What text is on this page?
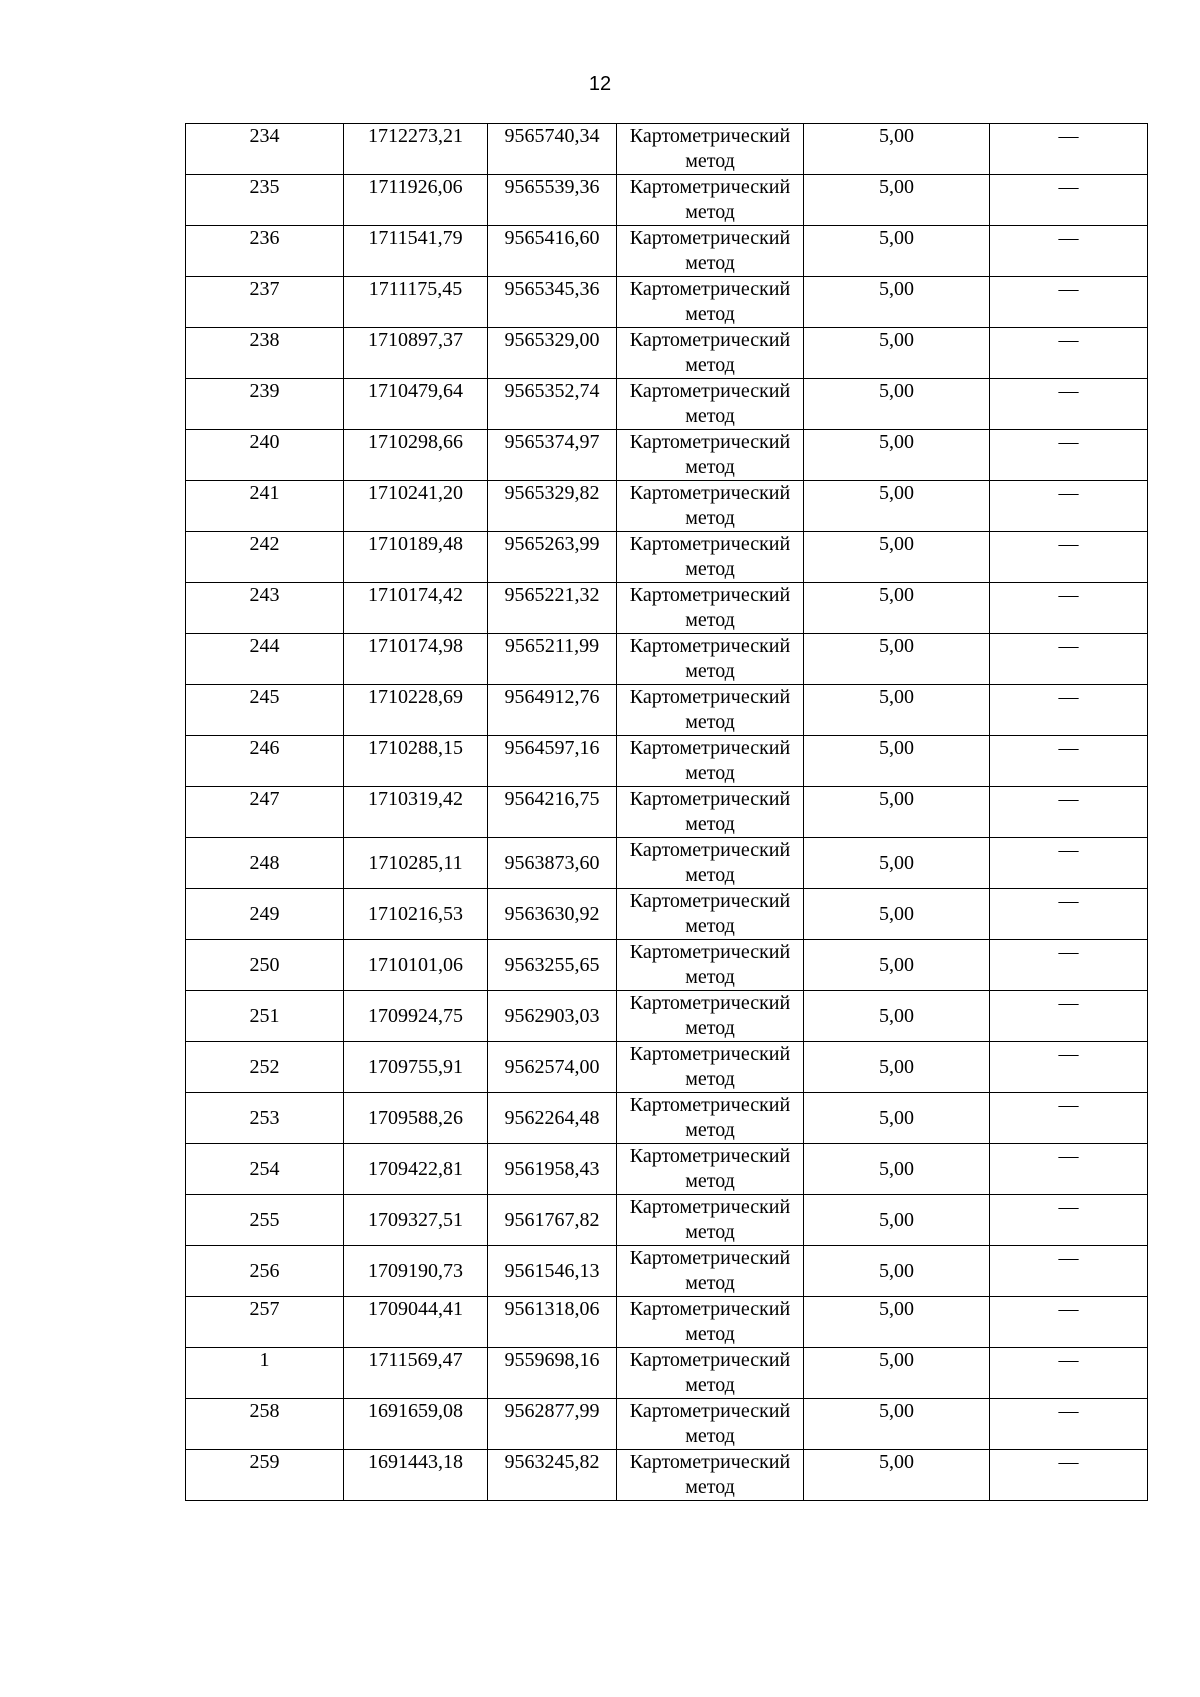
12
234	1712273,21	9565740,34	Картометрический метод	5,00	—
235	1711926,06	9565539,36	Картометрический метод	5,00	—
236	1711541,79	9565416,60	Картометрический метод	5,00	—
237	1711175,45	9565345,36	Картометрический метод	5,00	—
238	1710897,37	9565329,00	Картометрический метод	5,00	—
239	1710479,64	9565352,74	Картометрический метод	5,00	—
240	1710298,66	9565374,97	Картометрический метод	5,00	—
241	1710241,20	9565329,82	Картометрический метод	5,00	—
242	1710189,48	9565263,99	Картометрический метод	5,00	—
243	1710174,42	9565221,32	Картометрический метод	5,00	—
244	1710174,98	9565211,99	Картометрический метод	5,00	—
245	1710228,69	9564912,76	Картометрический метод	5,00	—
246	1710288,15	9564597,16	Картометрический метод	5,00	—
247	1710319,42	9564216,75	Картометрический метод	5,00	—
248	1710285,11	9563873,60	Картометрический метод	5,00	—
249	1710216,53	9563630,92	Картометрический метод	5,00	—
250	1710101,06	9563255,65	Картометрический метод	5,00	—
251	1709924,75	9562903,03	Картометрический метод	5,00	—
252	1709755,91	9562574,00	Картометрический метод	5,00	—
253	1709588,26	9562264,48	Картометрический метод	5,00	—
254	1709422,81	9561958,43	Картометрический метод	5,00	—
255	1709327,51	9561767,82	Картометрический метод	5,00	—
256	1709190,73	9561546,13	Картометрический метод	5,00	—
257	1709044,41	9561318,06	Картометрический метод	5,00	—
1	1711569,47	9559698,16	Картометрический метод	5,00	—
258	1691659,08	9562877,99	Картометрический метод	5,00	—
259	1691443,18	9563245,82	Картометрический метод	5,00	—
